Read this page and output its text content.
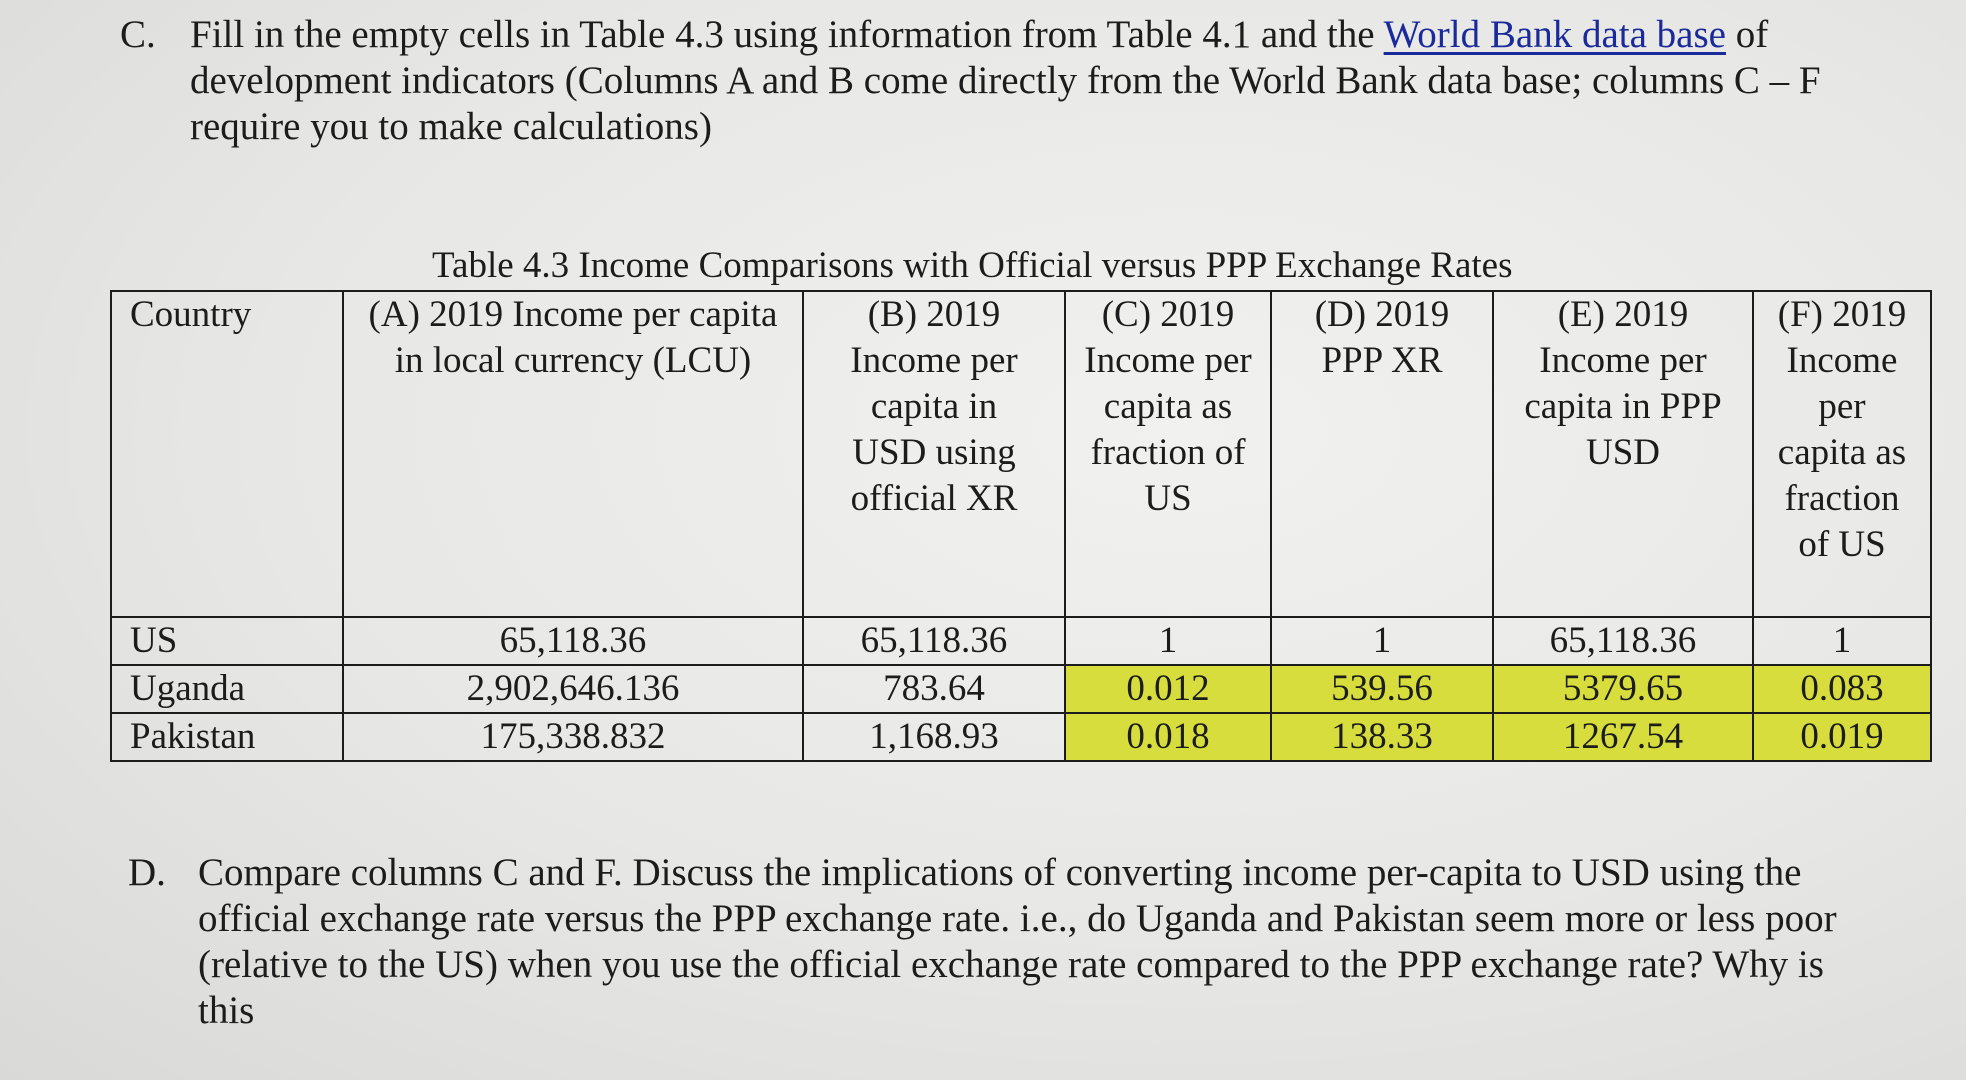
C. Fill in the empty cells in Table 4.3 using information from Table 4.1 and the World Bank data base of development indicators (Columns A and B come directly from the World Bank data base; columns C – F require you to make calculations)
Table 4.3 Income Comparisons with Official versus PPP Exchange Rates
Country	(A) 2019 Income per capita in local currency (LCU)	(B) 2019 Income per capita in USD using official XR	(C) 2019 Income per capita as fraction of US	(D) 2019 PPP XR	(E) 2019 Income per capita in PPP USD	(F) 2019 Income per capita as fraction of US

US	65,118.36	65,118.36	1	1	65,118.36	1
Uganda	2,902,646.136	783.64	0.012	539.56	5379.65	0.083
Pakistan	175,338.832	1,168.93	0.018	138.33	1267.54	0.019
D. Compare columns C and F. Discuss the implications of converting income per-capita to USD using the official exchange rate versus the PPP exchange rate. i.e., do Uganda and Pakistan seem more or less poor (relative to the US) when you use the official exchange rate compared to the PPP exchange rate? Why is this
